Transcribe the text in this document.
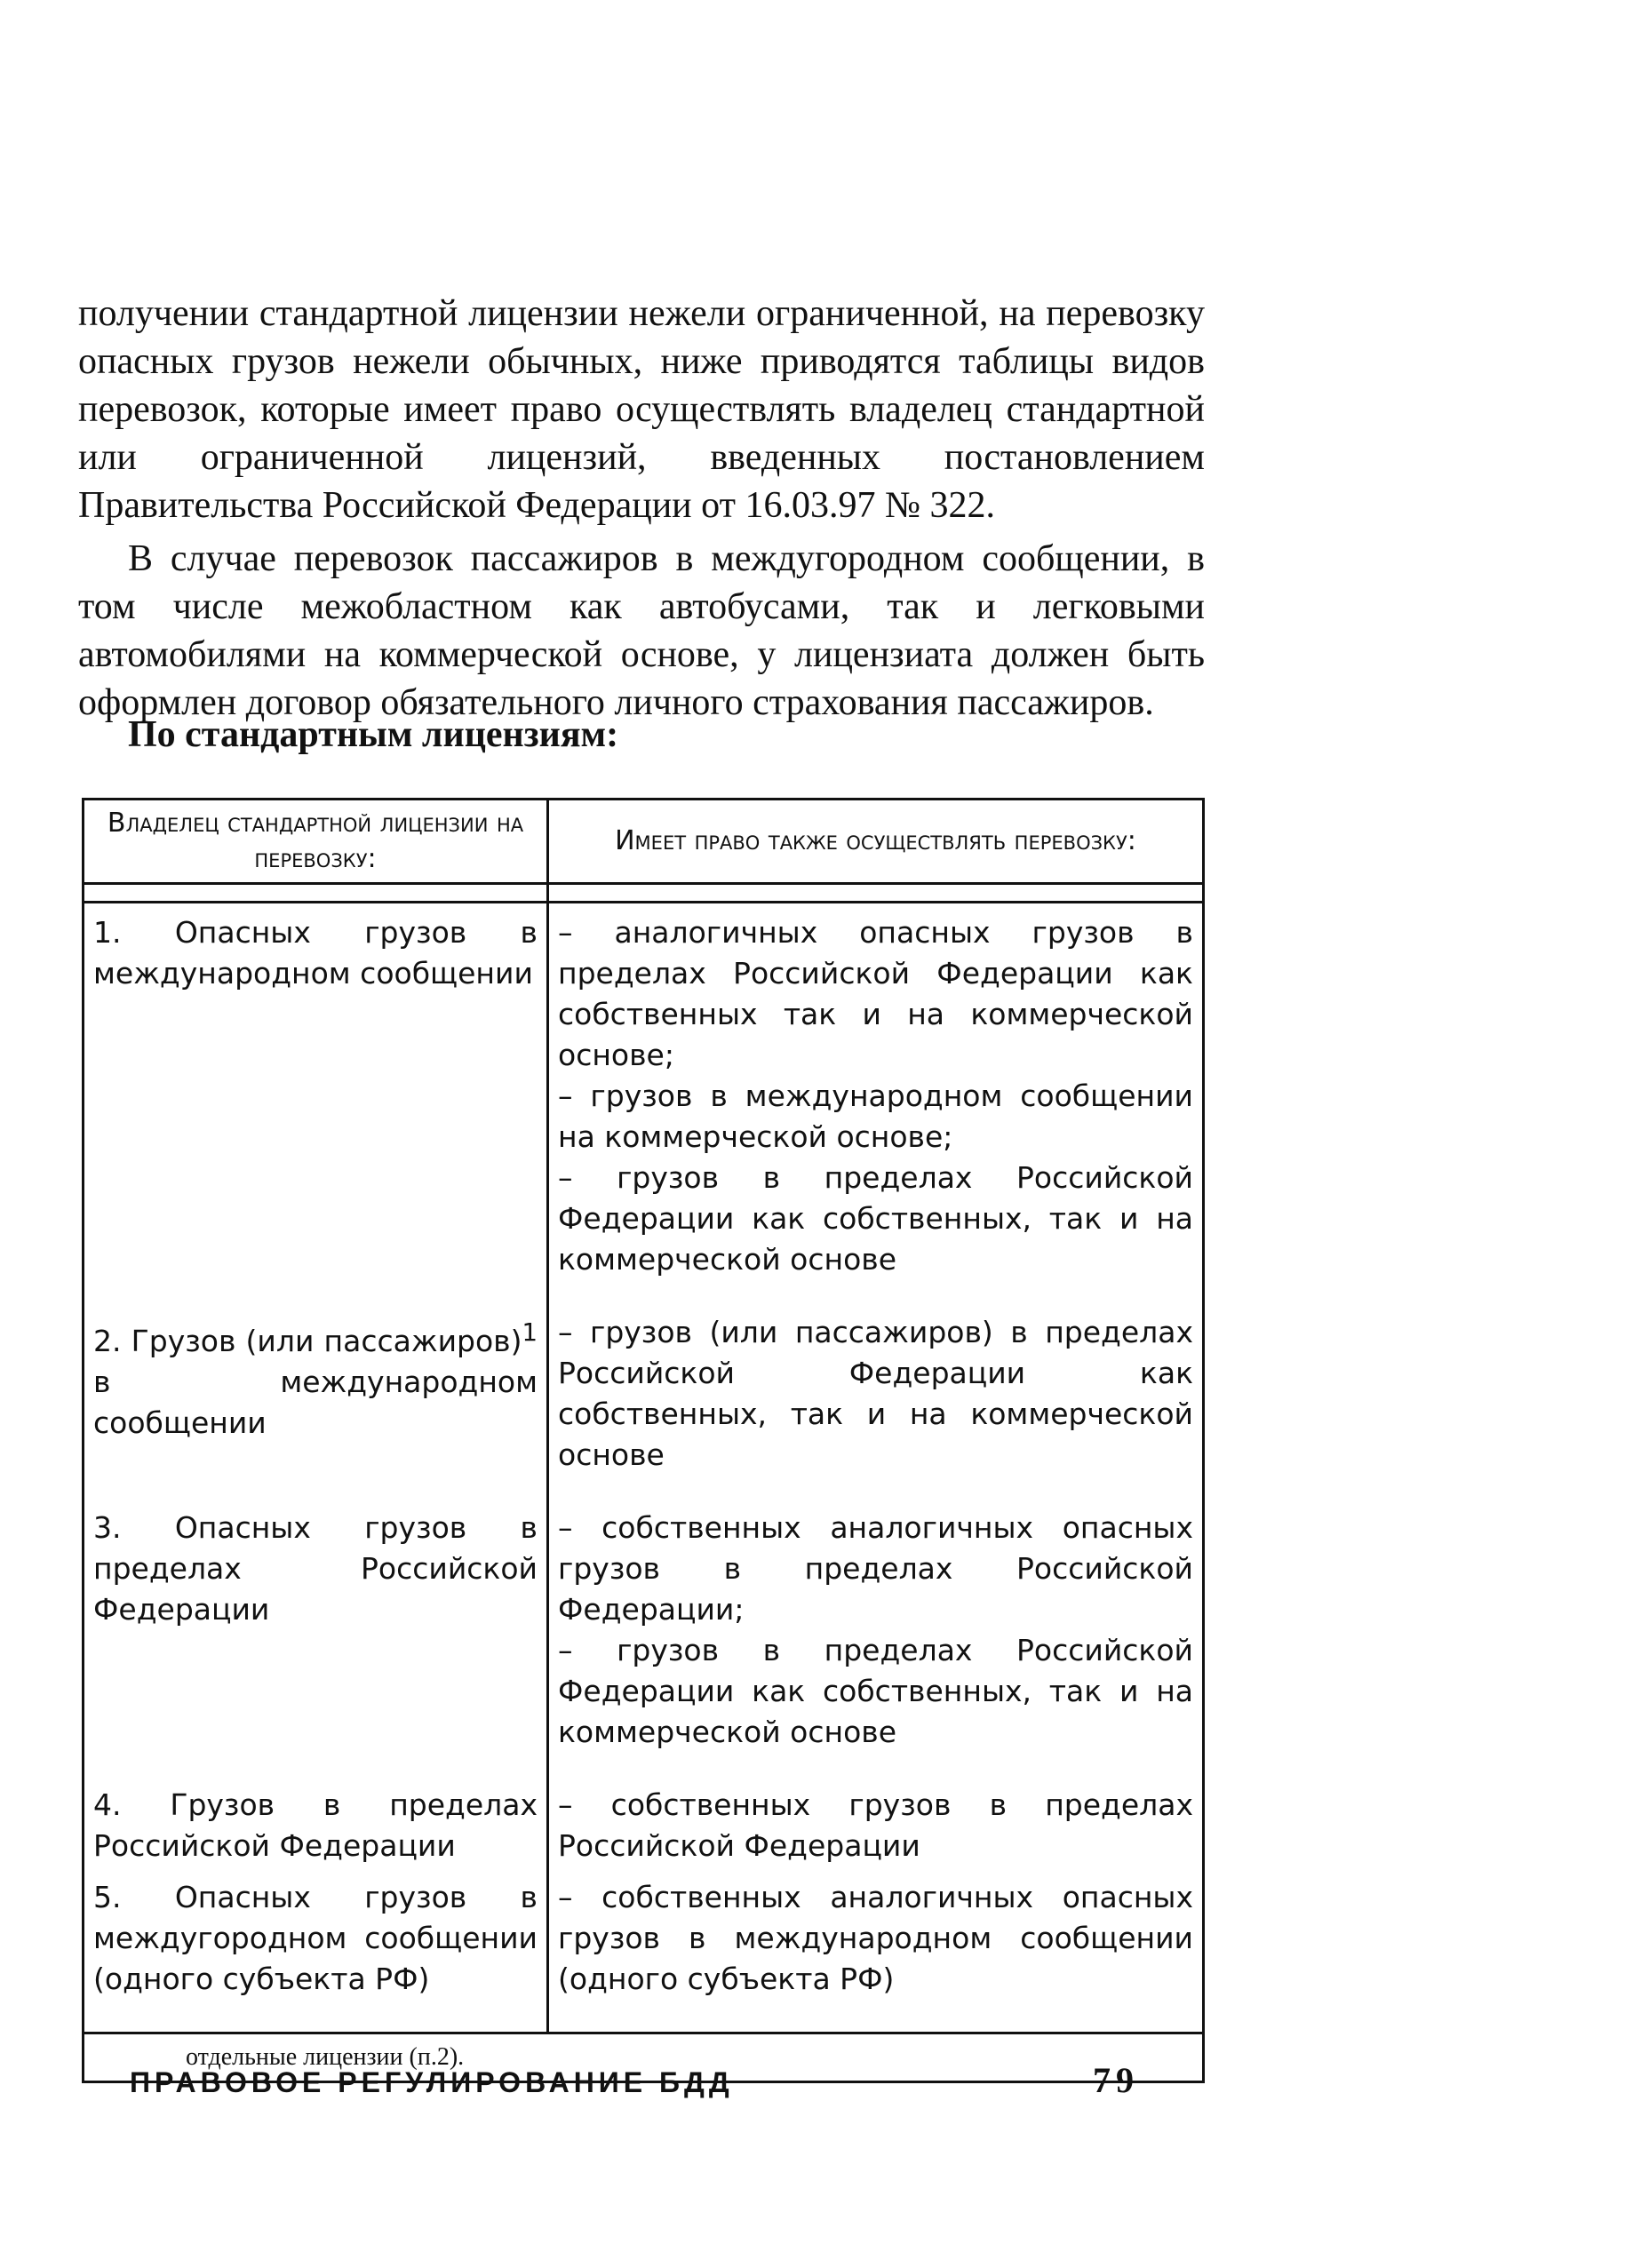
получении стандартной лицензии нежели ограниченной, на перевозку опасных грузов нежели обычных, ниже приводятся таблицы видов перевозок, которые имеет право осуществлять владелец стандартной или ограниченной лицензий, введенных постановлением Правительства Российской Федерации от 16.03.97 № 322.

В случае перевозок пассажиров в междугородном сообщении, в том числе межобластном как автобусами, так и легковыми автомобилями на коммерческой основе, у лицензиата должен быть оформлен договор обязательного личного страхования пассажиров.

По стандартным лицензиям:
Владелец стандартной лицензии на перевозку:	Имеет право также осуществлять перевозку:

1. Опасных грузов в международном сообщении	– аналогичных опасных грузов в пределах Российской Федерации как собственных так и на коммерческой основе;
– грузов в международном сообщении на коммерческой основе;
– грузов в пределах Российской Федерации как собственных, так и на коммерческой основе

2. Грузов (или пассажиров)$^1$ в международном сообщении	– грузов (или пассажиров) в пределах Российской Федерации как собственных, так и на коммерческой основе

3. Опасных грузов в пределах Российской Федерации	– собственных аналогичных опасных грузов в пределах Российской Федерации;
– грузов в пределах Российской Федерации как собственных, так и на коммерческой основе

4. Грузов в пределах Российской Федерации	– собственных грузов в пределах Российской Федерации

5. Опасных грузов в междугородном сообщении (одного субъекта РФ)	– собственных аналогичных опасных грузов в международном сообщении (одного субъекта РФ)

отдельные лицензии (п.2).	
ПРАВОВОЕ РЕГУЛИРОВАНИЕ БДД	79
